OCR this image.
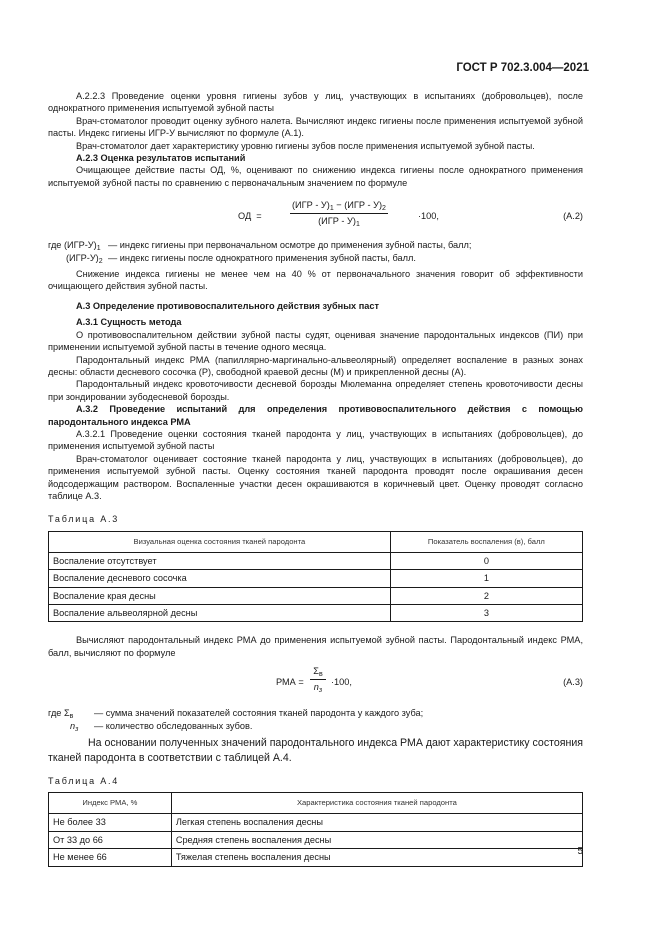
ГОСТ Р 702.3.004—2021

А.2.2.3 Проведение оценки уровня гигиены зубов у лиц, участвующих в испытаниях (добровольцев), после однократного применения испытуемой зубной пасты

Врач-стоматолог проводит оценку зубного налета. Вычисляют индекс гигиены после применения испытуемой зубной пасты. Индекс гигиены ИГР-У вычисляют по формуле (А.1).

Врач-стоматолог дает характеристику уровню гигиены зубов после применения испытуемой зубной пасты.

А.2.3 Оценка результатов испытаний

Очищающее действие пасты ОД, %, оценивают по снижению индекса гигиены после однократного применения испытуемой зубной пасты по сравнению с первоначальным значением по формуле

ОД =
$(ИГР - У)_1 - (ИГР - У)_2$
$(ИГР - У)_1$
·100,	(А.2)
где $(ИГР-У)_1$ — индекс гигиены при первоначальном осмотре до применения зубной пасты, балл;
$(ИГР-У)_2$ — индекс гигиены после однократного применения зубной пасты, балл.

Снижение индекса гигиены не менее чем на 40 % от первоначального значения говорит об эффективности очищающего действия зубной пасты.

А.3 Определение противовоспалительного действия зубных паст

А.3.1 Сущность метода

О противовоспалительном действии зубной пасты судят, оценивая значение пародонтальных индексов (ПИ) при применении испытуемой зубной пасты в течение одного месяца.

Пародонтальный индекс РМА (папиллярно-маргинально-альвеолярный) определяет воспаление в разных зонах десны: области десневого сосочка (Р), свободной краевой десны (М) и прикрепленной десны (А).

Пародонтальный индекс кровоточивости десневой борозды Мюлеманна определяет степень кровоточивости десны при зондировании зубодесневой борозды.

А.3.2 Проведение испытаний для определения противовоспалительного действия с помощью пародонтального индекса РМА

А.3.2.1 Проведение оценки состояния тканей пародонта у лиц, участвующих в испытаниях (добровольцев), до применения испытуемой зубной пасты

Врач-стоматолог оценивает состояние тканей пародонта у лиц, участвующих в испытаниях (добровольцев), до применения испытуемой зубной пасты. Оценку состояния тканей пародонта проводят после окрашивания десен йодсодержащим раствором. Воспаленные участки десен окрашиваются в коричневый цвет. Оценку проводят согласно таблице А.3.

Таблица А.3
Визуальная оценка состояния тканей пародонта	Показатель воспаления (в), балл
Воспаление отсутствует	0
Воспаление десневого сосочка	1
Воспаление края десны	2
Воспаление альвеолярной десны	3

Вычисляют пародонтальный индекс РМА до применения испытуемой зубной пасты. Пародонтальный индекс РМА, балл, вычисляют по формуле

РМА =
$\Sigma_в$
$n_з$
·100,	(А.3)
где $\Sigma_в$	— сумма значений показателей состояния тканей пародонта у каждого зуба;
$n_з$	— количество обследованных зубов.

На основании полученных значений пародонтального индекса РМА дают характеристику состояния тканей пародонта в соответствии с таблицей А.4.

Таблица А.4
Индекс РМА, %	Характеристика состояния тканей пародонта
Не более 33	Легкая степень воспаления десны
От 33 до 66	Средняя степень воспаления десны
Не менее 66	Тяжелая степень воспаления десны
5
